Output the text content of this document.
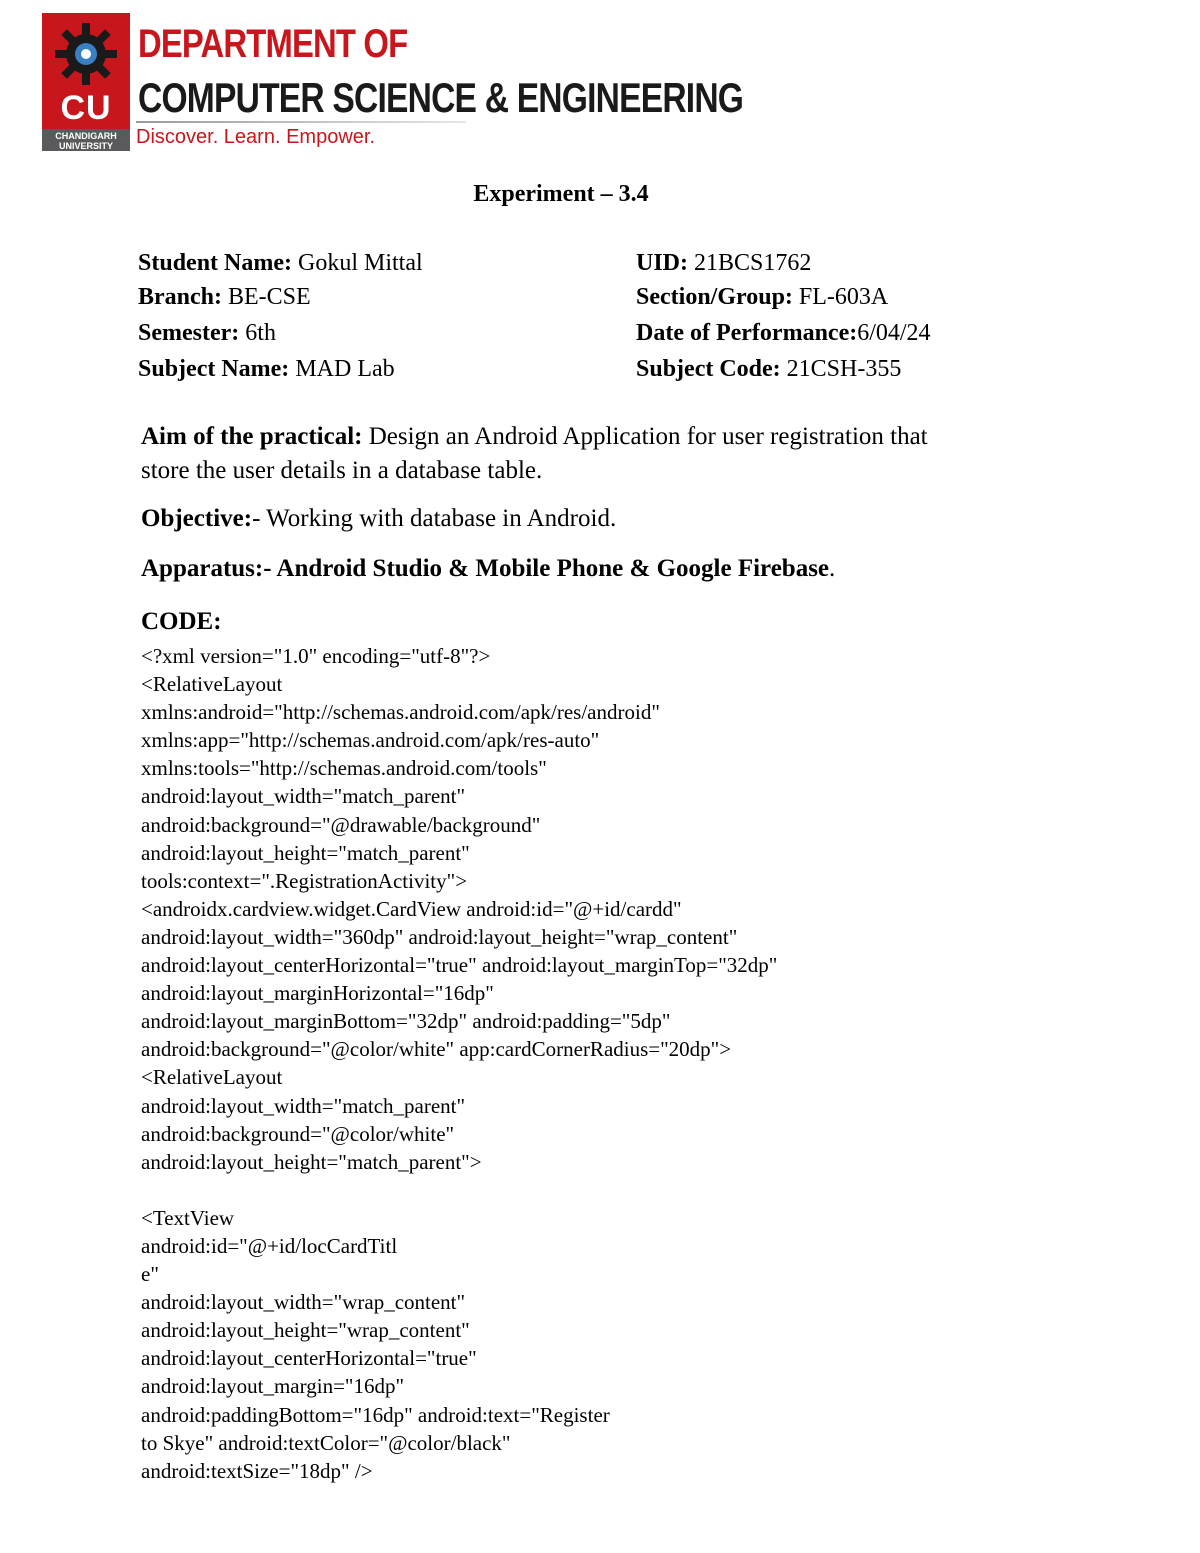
CU
CHANDIGARH
UNIVERSITY
DEPARTMENT OF
COMPUTER SCIENCE & ENGINEERING
Discover. Learn. Empower.
Experiment – 3.4
Student Name: Gokul Mittal	UID: 21BCS1762
Branch: BE-CSE	Section/Group: FL-603A
Semester: 6th	Date of Performance:6/04/24
Subject Name: MAD Lab	Subject Code: 21CSH-355
Aim of the practical: Design an Android Application for user registration that
store the user details in a database table.
Objective:- Working with database in Android.
Apparatus:- Android Studio & Mobile Phone & Google Firebase.
CODE:
<?xml version="1.0" encoding="utf-8"?>
<RelativeLayout
xmlns:android="http://schemas.android.com/apk/res/android"
xmlns:app="http://schemas.android.com/apk/res-auto"
xmlns:tools="http://schemas.android.com/tools"
android:layout_width="match_parent"
android:background="@drawable/background"
android:layout_height="match_parent"
tools:context=".RegistrationActivity">
<androidx.cardview.widget.CardView android:id="@+id/cardd"
android:layout_width="360dp" android:layout_height="wrap_content"
android:layout_centerHorizontal="true" android:layout_marginTop="32dp"
android:layout_marginHorizontal="16dp"
android:layout_marginBottom="32dp" android:padding="5dp"
android:background="@color/white" app:cardCornerRadius="20dp">
<RelativeLayout
android:layout_width="match_parent"
android:background="@color/white"
android:layout_height="match_parent">
<TextView
android:id="@+id/locCardTitl
e"
android:layout_width="wrap_content"
android:layout_height="wrap_content"
android:layout_centerHorizontal="true"
android:layout_margin="16dp"
android:paddingBottom="16dp" android:text="Register
to Skye" android:textColor="@color/black"
android:textSize="18dp" />
